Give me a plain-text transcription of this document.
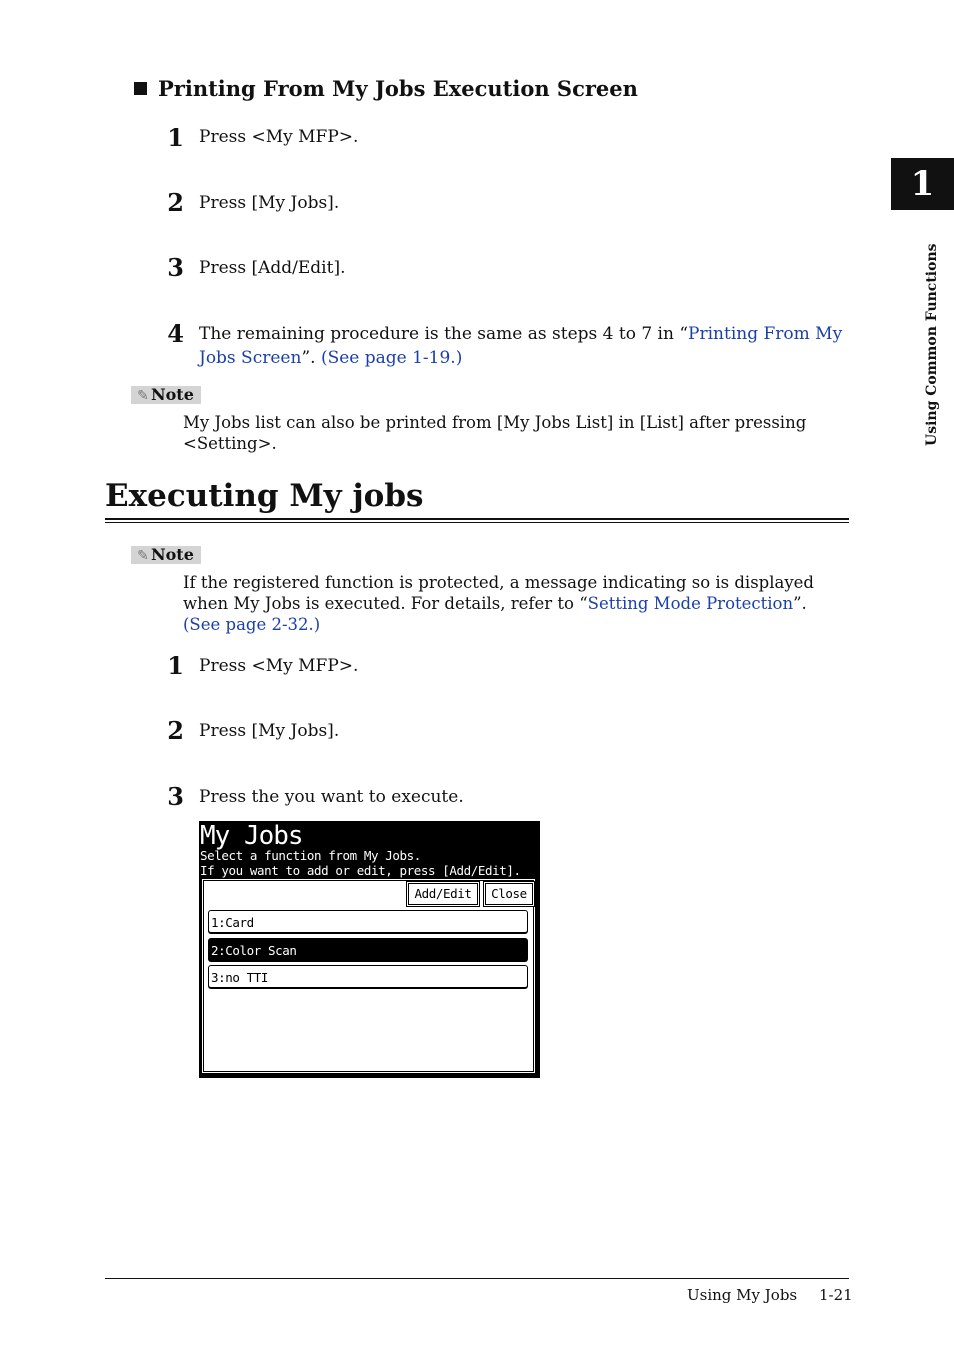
Printing From My Jobs Execution Screen
1 Press <My MFP>.
2 Press [My Jobs].
3 Press [Add/Edit].
4 The remaining procedure is the same as steps 4 to 7 in “Printing From My Jobs Screen”. (See page 1-19.)
✎ Note
My Jobs list can also be printed from [My Jobs List] in [List] after pressing <Setting>.
Executing My jobs
✎ Note
If the registered function is protected, a message indicating so is displayed when My Jobs is executed. For details, refer to “Setting Mode Protection”. (See page 2-32.)
1 Press <My MFP>.
2 Press [My Jobs].
3 Press the you want to execute.
My Jobs
Select a function from My Jobs.
If you want to add or edit, press [Add/Edit].
Add/Edit	Close
1:Card
2:Color Scan
3:no TTI
1
Using Common Functions
Using My Jobs 1-21
